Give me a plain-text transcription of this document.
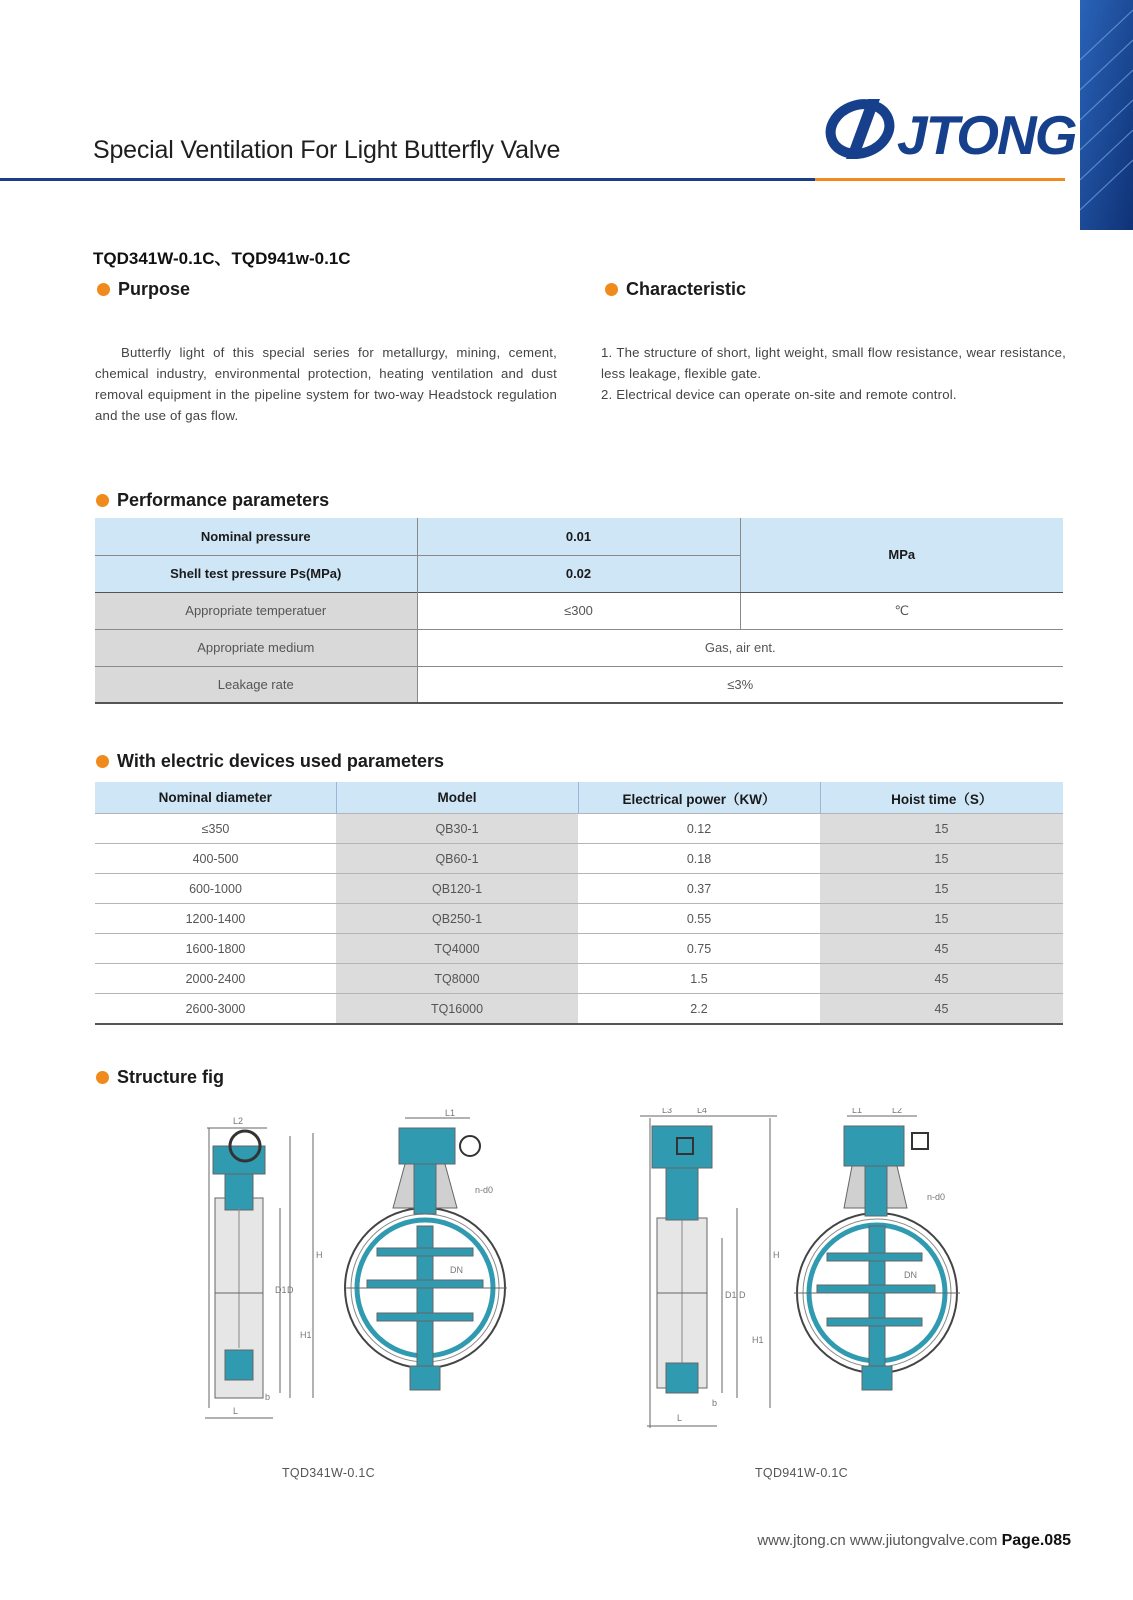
Special Ventilation For Light Butterfly Valve	JTONG
TQD341W-0.1C、TQD941w-0.1C
Purpose

Butterfly light of this special series for metallurgy, mining, cement, chemical industry, environmental protection, heating ventilation and dust removal equipment in the pipeline system for two-way Headstock regulation and the use of gas flow.

Characteristic

1. The structure of short, light weight, small flow resistance, wear resistance, less leakage, flexible gate.

2. Electrical device can operate on-site and remote control.

Performance parameters
Nominal pressure	0.01	MPa
Shell test pressure Ps(MPa)	0.02	
Appropriate temperatuer	≤300	℃
Appropriate medium	Gas, air ent.	
Leakage rate	≤3%	
With electric devices used parameters
Nominal diameter	Model	Electrical power（KW）	Hoist time（S）
≤350	QB30-1	0.12	15
400-500	QB60-1	0.18	15
600-1000	QB120-1	0.37	15
1200-1400	QB250-1	0.55	15
1600-1800	TQ4000	0.75	45
2000-2400	TQ8000	1.5	45
2600-3000	TQ16000	2.2	45
Structure fig
L2
L1
H
D1 D
H1
L
b
DN
n-d0
L3	L4	L1	L2
H
D1 D
H1
L
b
DN
n-d0
TQD341W-0.1C	TQD941W-0.1C
www.jtong.cn www.jiutongvalve.com Page.085
